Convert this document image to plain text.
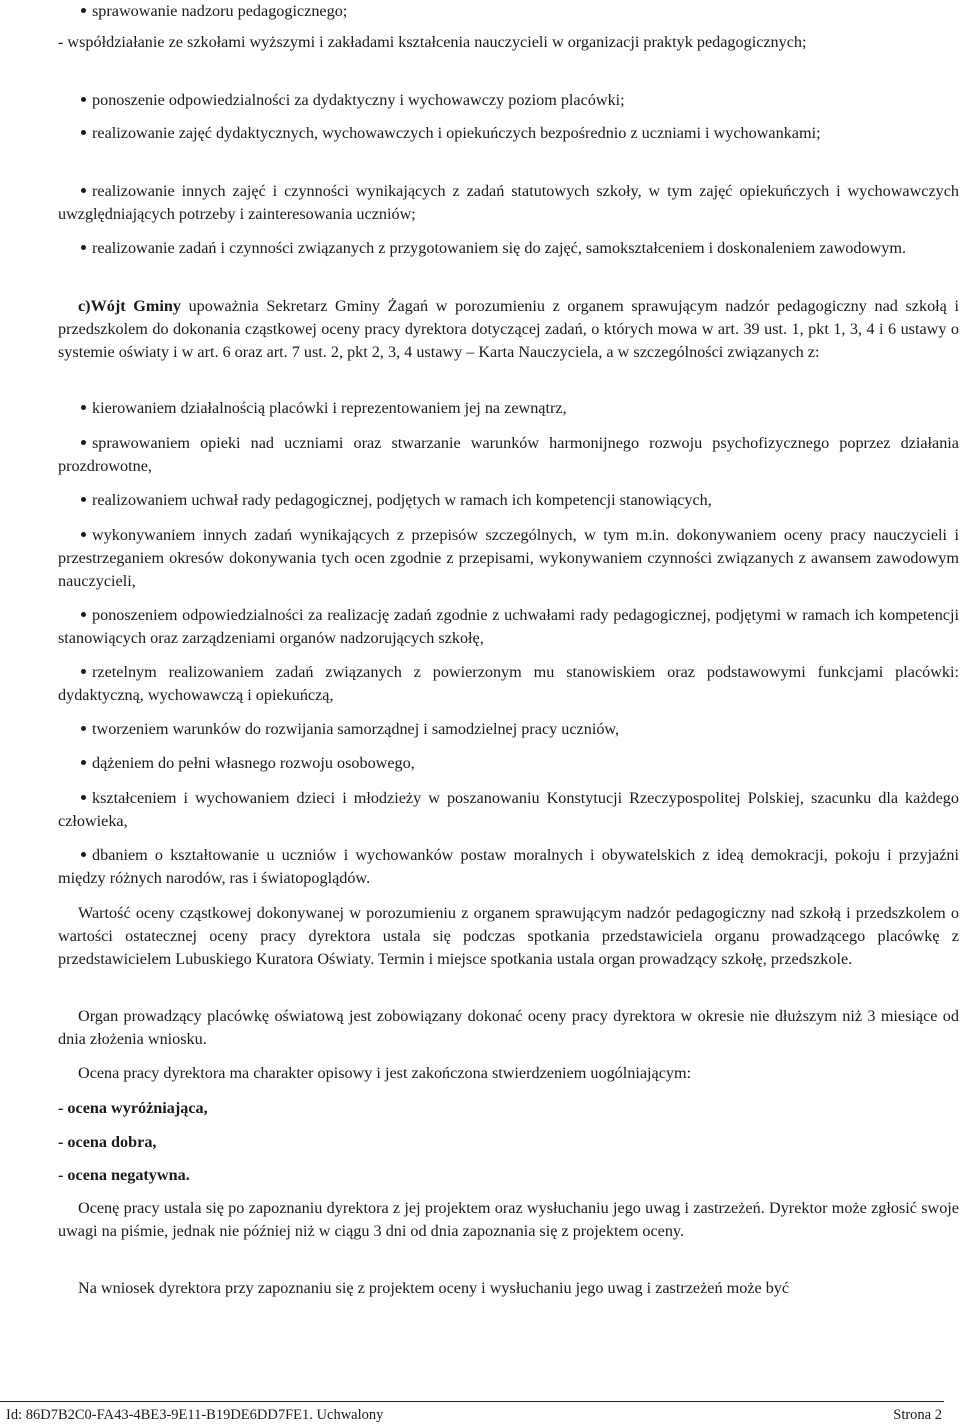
sprawowanie nadzoru pedagogicznego;

- współdziałanie ze szkołami wyższymi i zakładami kształcenia nauczycieli w organizacji praktyk pedagogicznych;

ponoszenie odpowiedzialności za dydaktyczny i wychowawczy poziom placówki;

realizowanie zajęć dydaktycznych, wychowawczych i opiekuńczych bezpośrednio z uczniami i wychowankami;

realizowanie innych zajęć i czynności wynikających z zadań statutowych szkoły, w tym zajęć opiekuńczych i wychowawczych uwzględniających potrzeby i zainteresowania uczniów;

realizowanie zadań i czynności związanych z przygotowaniem się do zajęć, samokształceniem i doskonaleniem zawodowym.

c)Wójt Gminy upoważnia Sekretarz Gminy Żagań w porozumieniu z organem sprawującym nadzór pedagogiczny nad szkołą i przedszkolem do dokonania cząstkowej oceny pracy dyrektora dotyczącej zadań, o których mowa w art. 39 ust. 1, pkt 1, 3, 4 i 6 ustawy o systemie oświaty i w art. 6 oraz art. 7 ust. 2, pkt 2, 3, 4 ustawy – Karta Nauczyciela, a w szczególności związanych z:

kierowaniem działalnością placówki i reprezentowaniem jej na zewnątrz,

sprawowaniem opieki nad uczniami oraz stwarzanie warunków harmonijnego rozwoju psychofizycznego poprzez działania prozdrowotne,

realizowaniem uchwał rady pedagogicznej, podjętych w ramach ich kompetencji stanowiących,

wykonywaniem innych zadań wynikających z przepisów szczególnych, w tym m.in. dokonywaniem oceny pracy nauczycieli i przestrzeganiem okresów dokonywania tych ocen zgodnie z przepisami, wykonywaniem czynności związanych z awansem zawodowym nauczycieli,

ponoszeniem odpowiedzialności za realizację zadań zgodnie z uchwałami rady pedagogicznej, podjętymi w ramach ich kompetencji stanowiących oraz zarządzeniami organów nadzorujących szkołę,

rzetelnym realizowaniem zadań związanych z powierzonym mu stanowiskiem oraz podstawowymi funkcjami placówki: dydaktyczną, wychowawczą i opiekuńczą,

tworzeniem warunków do rozwijania samorządnej i samodzielnej pracy uczniów,

dążeniem do pełni własnego rozwoju osobowego,

kształceniem i wychowaniem dzieci i młodzieży w poszanowaniu Konstytucji Rzeczypospolitej Polskiej, szacunku dla każdego człowieka,

dbaniem o kształtowanie u uczniów i wychowanków postaw moralnych i obywatelskich z ideą demokracji, pokoju i przyjaźni między różnych narodów, ras i światopoglądów.

Wartość oceny cząstkowej dokonywanej w porozumieniu z organem sprawującym nadzór pedagogiczny nad szkołą i przedszkolem o wartości ostatecznej oceny pracy dyrektora ustala się podczas spotkania przedstawiciela organu prowadzącego placówkę z przedstawicielem Lubuskiego Kuratora Oświaty. Termin i miejsce spotkania ustala organ prowadzący szkołę, przedszkole.

Organ prowadzący placówkę oświatową jest zobowiązany dokonać oceny pracy dyrektora w okresie nie dłuższym niż 3 miesiące od dnia złożenia wniosku.

Ocena pracy dyrektora ma charakter opisowy i jest zakończona stwierdzeniem uogólniającym:

- ocena wyróżniająca,

- ocena dobra,

- ocena negatywna.

Ocenę pracy ustala się po zapoznaniu dyrektora z jej projektem oraz wysłuchaniu jego uwag i zastrzeżeń. Dyrektor może zgłosić swoje uwagi na piśmie, jednak nie później niż w ciągu 3 dni od dnia zapoznania się z projektem oceny.

Na wniosek dyrektora przy zapoznaniu się z projektem oceny i wysłuchaniu jego uwag i zastrzeżeń może być

Id: 86D7B2C0-FA43-4BE3-9E11-B19DE6DD7FE1. Uchwalony	Strona 2
